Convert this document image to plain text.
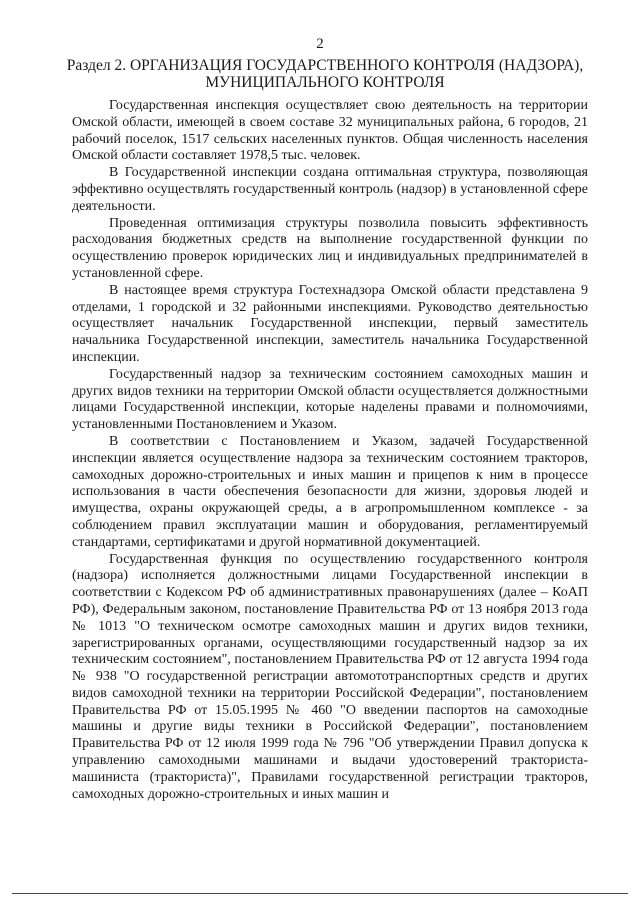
2
Раздел 2. ОРГАНИЗАЦИЯ ГОСУДАРСТВЕННОГО КОНТРОЛЯ (НАДЗОРА),
МУНИЦИПАЛЬНОГО КОНТРОЛЯ

Государственная инспекция осуществляет свою деятельность на территории Омской области, имеющей в своем составе 32 муниципальных района, 6 городов, 21 рабочий поселок, 1517 сельских населенных пунктов. Общая численность населения Омской области составляет 1978,5 тыс. человек.

В Государственной инспекции создана оптимальная структура, позволяющая эффективно осуществлять государственный контроль (надзор) в установленной сфере деятельности.

Проведенная оптимизация структуры позволила повысить эффективность расходования бюджетных средств на выполнение государственной функции по осуществлению проверок юридических лиц и индивидуальных предпринимателей в установленной сфере.

В настоящее время структура Гостехнадзора Омской области представлена 9 отделами, 1 городской и 32 районными инспекциями. Руководство деятельностью осуществляет начальник Государственной инспекции, первый заместитель начальника Государственной инспекции, заместитель начальника Государственной инспекции.

Государственный надзор за техническим состоянием самоходных машин и других видов техники на территории Омской области осуществляется должностными лицами Государственной инспекции, которые наделены правами и полномочиями, установленными Постановлением и Указом.

В соответствии с Постановлением и Указом, задачей Государственной инспекции является осуществление надзора за техническим состоянием тракторов, самоходных дорожно-строительных и иных машин и прицепов к ним в процессе использования в части обеспечения безопасности для жизни, здоровья людей и имущества, охраны окружающей среды, а в агропромышленном комплексе - за соблюдением правил эксплуатации машин и оборудования, регламентируемый стандартами, сертификатами и другой нормативной документацией.

Государственная функция по осуществлению государственного контроля (надзора) исполняется должностными лицами Государственной инспекции в соответствии с Кодексом РФ об административных правонарушениях (далее – КоАП РФ), Федеральным законом, постановление Правительства РФ от 13 ноября 2013 года № 1013 "О техническом осмотре самоходных машин и других видов техники, зарегистрированных органами, осуществляющими государственный надзор за их техническим состоянием", постановлением Правительства РФ от 12 августа 1994 года № 938 "О государственной регистрации автомототранспортных средств и других видов самоходной техники на территории Российской Федерации", постановлением Правительства РФ от 15.05.1995 № 460 "О введении паспортов на самоходные машины и другие виды техники в Российской Федерации", постановлением Правительства РФ от 12 июля 1999 года № 796 "Об утверждении Правил допуска к управлению самоходными машинами и выдачи удостоверений тракториста-машиниста (тракториста)", Правилами государственной регистрации тракторов, самоходных дорожно-строительных и иных машин и
